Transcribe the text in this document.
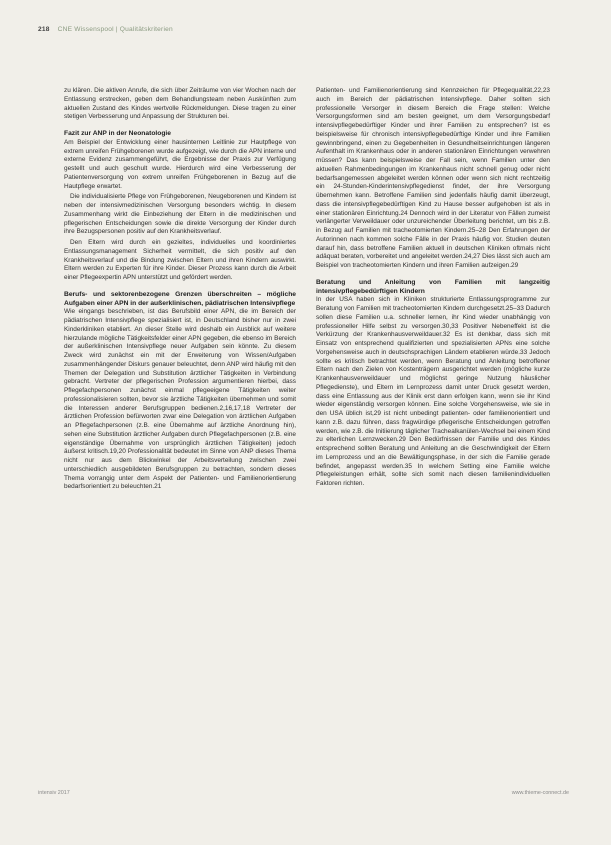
218 CNE Wissenspool | Qualitätskriterien

zu klären. Die aktiven Anrufe, die sich über Zeiträume von vier Wochen nach der Entlassung erstrecken, geben dem Behandlungsteam neben Auskünften zum aktuellen Zustand des Kindes wertvolle Rückmeldungen. Diese tragen zu einer stetigen Verbesserung und Anpassung der Strukturen bei.

Fazit zur ANP in der Neonatologie

Am Beispiel der Entwicklung einer hausinternen Leitlinie zur Hautpflege von extrem unreifen Frühgeborenen wurde aufgezeigt, wie durch die APN interne und externe Evidenz zusammengeführt, die Ergebnisse der Praxis zur Verfügung gestellt und auch geschult wurde. Hierdurch wird eine Verbesserung der Patientenversorgung von extrem unreifen Frühgeborenen in Bezug auf die Hautpflege erwartet.

Die individualisierte Pflege von Frühgeborenen, Neugeborenen und Kindern ist neben der intensivmedizinischen Versorgung besonders wichtig. In diesem Zusammenhang wirkt die Einbeziehung der Eltern in die medizinischen und pflegerischen Entscheidungen sowie die direkte Versorgung der Kinder durch ihre Bezugspersonen positiv auf den Krankheitsverlauf.

Den Eltern wird durch ein gezieltes, individuelles und koordiniertes Entlassungsmanagement Sicherheit vermittelt, die sich positiv auf den Krankheitsverlauf und die Bindung zwischen Eltern und ihren Kindern auswirkt. Eltern werden zu Experten für ihre Kinder. Dieser Prozess kann durch die Arbeit einer Pflegeexpertin APN unterstützt und gefördert werden.

Berufs- und sektorenbezogene Grenzen überschreiten – mögliche Aufgaben einer APN in der außerklinischen, pädiatrischen Intensivpflege

Wie eingangs beschrieben, ist das Berufsbild einer APN, die im Bereich der pädiatrischen Intensivpflege spezialisiert ist, in Deutschland bisher nur in zwei Kinderkliniken etabliert. An dieser Stelle wird deshalb ein Ausblick auf weitere hierzulande mögliche Tätigkeitsfelder einer APN gegeben, die ebenso im Bereich der außerklinischen Intensivpflege neuer Aufgaben sein könnte. Zu diesem Zweck wird zunächst ein mit der Erweiterung von Wissen/Aufgaben zusammenhängender Diskurs genauer beleuchtet, denn ANP wird häufig mit den Themen der Delegation und Substitution ärztlicher Tätigkeiten in Verbindung gebracht. Vertreter der pflegerischen Profession argumentieren hierbei, dass Pflegefachpersonen zunächst einmal pflegeeigene Tätigkeiten weiter professionalisieren sollten, bevor sie ärztliche Tätigkeiten übernehmen und somit die Interessen anderer Berufsgruppen bedienen.2,16,17,18 Vertreter der ärztlichen Profession befürworten zwar eine Delegation von ärztlichen Aufgaben an Pflegefachpersonen (z.B. eine Übernahme auf ärztliche Anordnung hin), sehen eine Substitution ärztlicher Aufgaben durch Pflegefachpersonen (z.B. eine eigenständige Übernahme von ursprünglich ärztlichen Tätigkeiten) jedoch äußerst kritisch.19,20 Professionalität bedeutet im Sinne von ANP dieses Thema nicht nur aus dem Blickwinkel der Arbeitsverteilung zwischen zwei unterschiedlich ausgebildeten Berufsgruppen zu betrachten, sondern dieses Thema vorrangig unter dem Aspekt der Patienten- und Familienorientierung bedarfsorientiert zu beleuchten.21

Patienten- und Familienorientierung sind Kennzeichen für Pflegequalität,22,23 auch im Bereich der pädiatrischen Intensivpflege. Daher sollten sich professionelle Versorger in diesem Bereich die Frage stellen: Welche Versorgungsformen sind am besten geeignet, um dem Versorgungsbedarf intensivpflegebedürftiger Kinder und ihrer Familien zu entsprechen? Ist es beispielsweise für chronisch intensivpflegebedürftige Kinder und ihre Familien gewinnbringend, einen zu Gegebenheiten in Gesundheitseinrichtungen längeren Aufenthalt im Krankenhaus oder in anderen stationären Einrichtungen verwehren müssen? Das kann beispielsweise der Fall sein, wenn Familien unter den aktuellen Rahmenbedingungen im Krankenhaus nicht schnell genug oder nicht bedarfsangemessen abgeleitet werden können oder wenn sich nicht rechtzeitig ein 24-Stunden-Kinderintensivpflegedienst findet, der ihre Versorgung übernehmen kann. Betroffene Familien sind jedenfalls häufig damit überzeugt, dass die intensivpflegebedürftigen Kind zu Hause besser aufgehoben ist als in einer stationären Einrichtung.24 Dennoch wird in der Literatur von Fällen zumeist verlängerter Verweildauer oder unzureichender Überleitung berichtet, um bis z.B. in Bezug auf Familien mit tracheotomierten Kindern.25–28 Den Erfahrungen der Autorinnen nach kommen solche Fälle in der Praxis häufig vor. Studien deuten darauf hin, dass betroffene Familien aktuell in deutschen Kliniken oftmals nicht adäquat beraten, vorbereitet und angeleitet werden.24,27 Dies lässt sich auch am Beispiel von tracheotomierten Kindern und ihren Familien aufzeigen.29

Beratung und Anleitung von Familien mit langzeitig intensivpflegebedürftigen Kindern

In der USA haben sich in Kliniken strukturierte Entlassungsprogramme zur Beratung von Familien mit tracheotomierten Kindern durchgesetzt.25–33 Dadurch sollen diese Familien u.a. schneller lernen, ihr Kind wieder unabhängig von professioneller Hilfe selbst zu versorgen.30,33 Positiver Nebeneffekt ist die Verkürzung der Krankenhausverweildauer.32 Es ist denkbar, dass sich mit Einsatz von entsprechend qualifizierten und spezialisierten APNs eine solche Vorgehensweise auch in deutschsprachigen Ländern etablieren würde.33 Jedoch sollte es kritisch betrachtet werden, wenn Beratung und Anleitung betroffener Eltern nach den Zielen von Kostenträgern ausgerichtet werden (mögliche kurze Krankenhausverweildauer und möglichst geringe Nutzung häuslicher Pflegedienste), und Eltern im Lernprozess damit unter Druck gesetzt werden, dass eine Entlassung aus der Klinik erst dann erfolgen kann, wenn sie ihr Kind wieder eigenständig versorgen können. Eine solche Vorgehensweise, wie sie in den USA üblich ist,29 ist nicht unbedingt patienten- oder familienorientiert und kann z.B. dazu führen, dass fragwürdige pflegerische Entscheidungen getroffen werden, wie z.B. die Initiierung täglicher Trachealkanülen-Wechsel bei einem Kind zu elterlichen Lernzwecken.29 Den Bedürfnissen der Familie und des Kindes entsprechend sollten Beratung und Anleitung an die Geschwindigkeit der Eltern im Lernprozess und an die Bewältigungsphase, in der sich die Familie gerade befindet, angepasst werden.35 In welchem Setting eine Familie welche Pflegeleistungen erhält, sollte sich somit nach diesen familienindividuellen Faktoren richten.

intensiv 2017	www.thieme-connect.de
